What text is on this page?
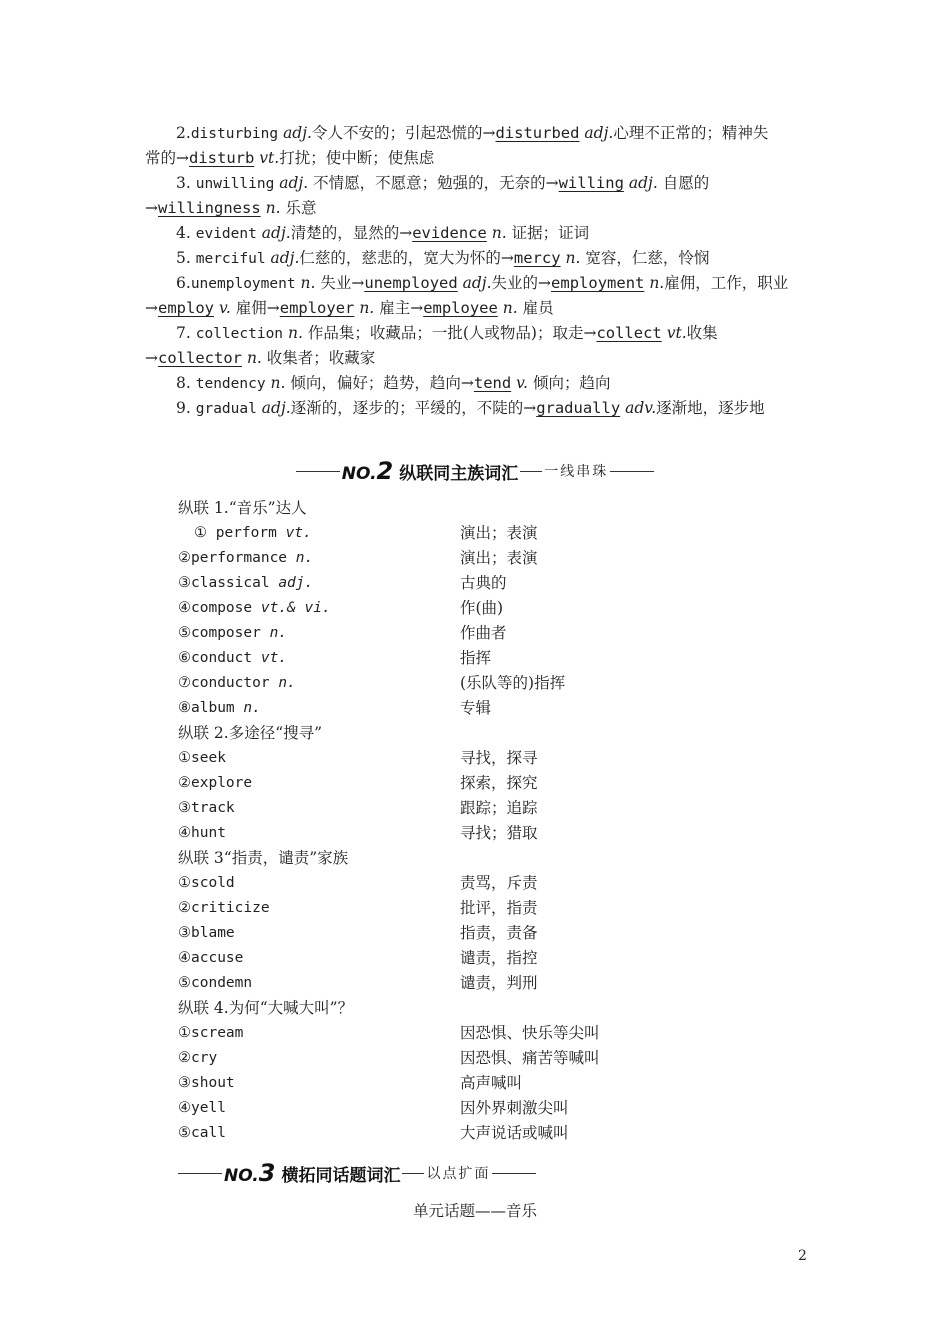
2.disturbing adj.令人不安的；引起恐慌的→disturbed adj.心理不正常的；精神失
常的→disturb vt.打扰；使中断；使焦虑
3. unwilling adj. 不情愿，不愿意；勉强的，无奈的→willing adj. 自愿的
→willingness n. 乐意
4. evident adj.清楚的，显然的→evidence n. 证据；证词
5. merciful adj.仁慈的，慈悲的，宽大为怀的→mercy n. 宽容，仁慈，怜悯
6.unemployment n. 失业→unemployed adj.失业的→employment n.雇佣，工作，职业
→employ v. 雇佣→employer n. 雇主→employee n. 雇员
7. collection n. 作品集；收藏品；一批(人或物品)；取走→collect vt.收集
→collector n. 收集者；收藏家
8. tendency n. 倾向，偏好；趋势，趋向→tend v. 倾向；趋向
9. gradual adj.逐渐的，逐步的；平缓的，不陡的→gradually adv.逐渐地，逐步地
NO.2 纵联同主族词汇 一线串珠
纵联 1.“音乐”达人
① perform vt.	演出；表演
②performance n.	演出；表演
③classical adj.	古典的
④compose vt.& vi.	作(曲)
⑤composer n.	作曲者
⑥conduct vt.	指挥
⑦conductor n.	(乐队等的)指挥
⑧album n.	专辑
纵联 2.多途径“搜寻”
①seek	寻找，探寻
②explore	探索，探究
③track	跟踪；追踪
④hunt	寻找；猎取
纵联 3“指责，谴责”家族
①scold	责骂，斥责
②criticize	批评，指责
③blame	指责，责备
④accuse	谴责，指控
⑤condemn	谴责，判刑
纵联 4.为何“大喊大叫”？
①scream	因恐惧、快乐等尖叫
②cry	因恐惧、痛苦等喊叫
③shout	高声喊叫
④yell	因外界刺激尖叫
⑤call	大声说话或喊叫
NO.3 横拓同话题词汇 以点扩面
单元话题——音乐
2
